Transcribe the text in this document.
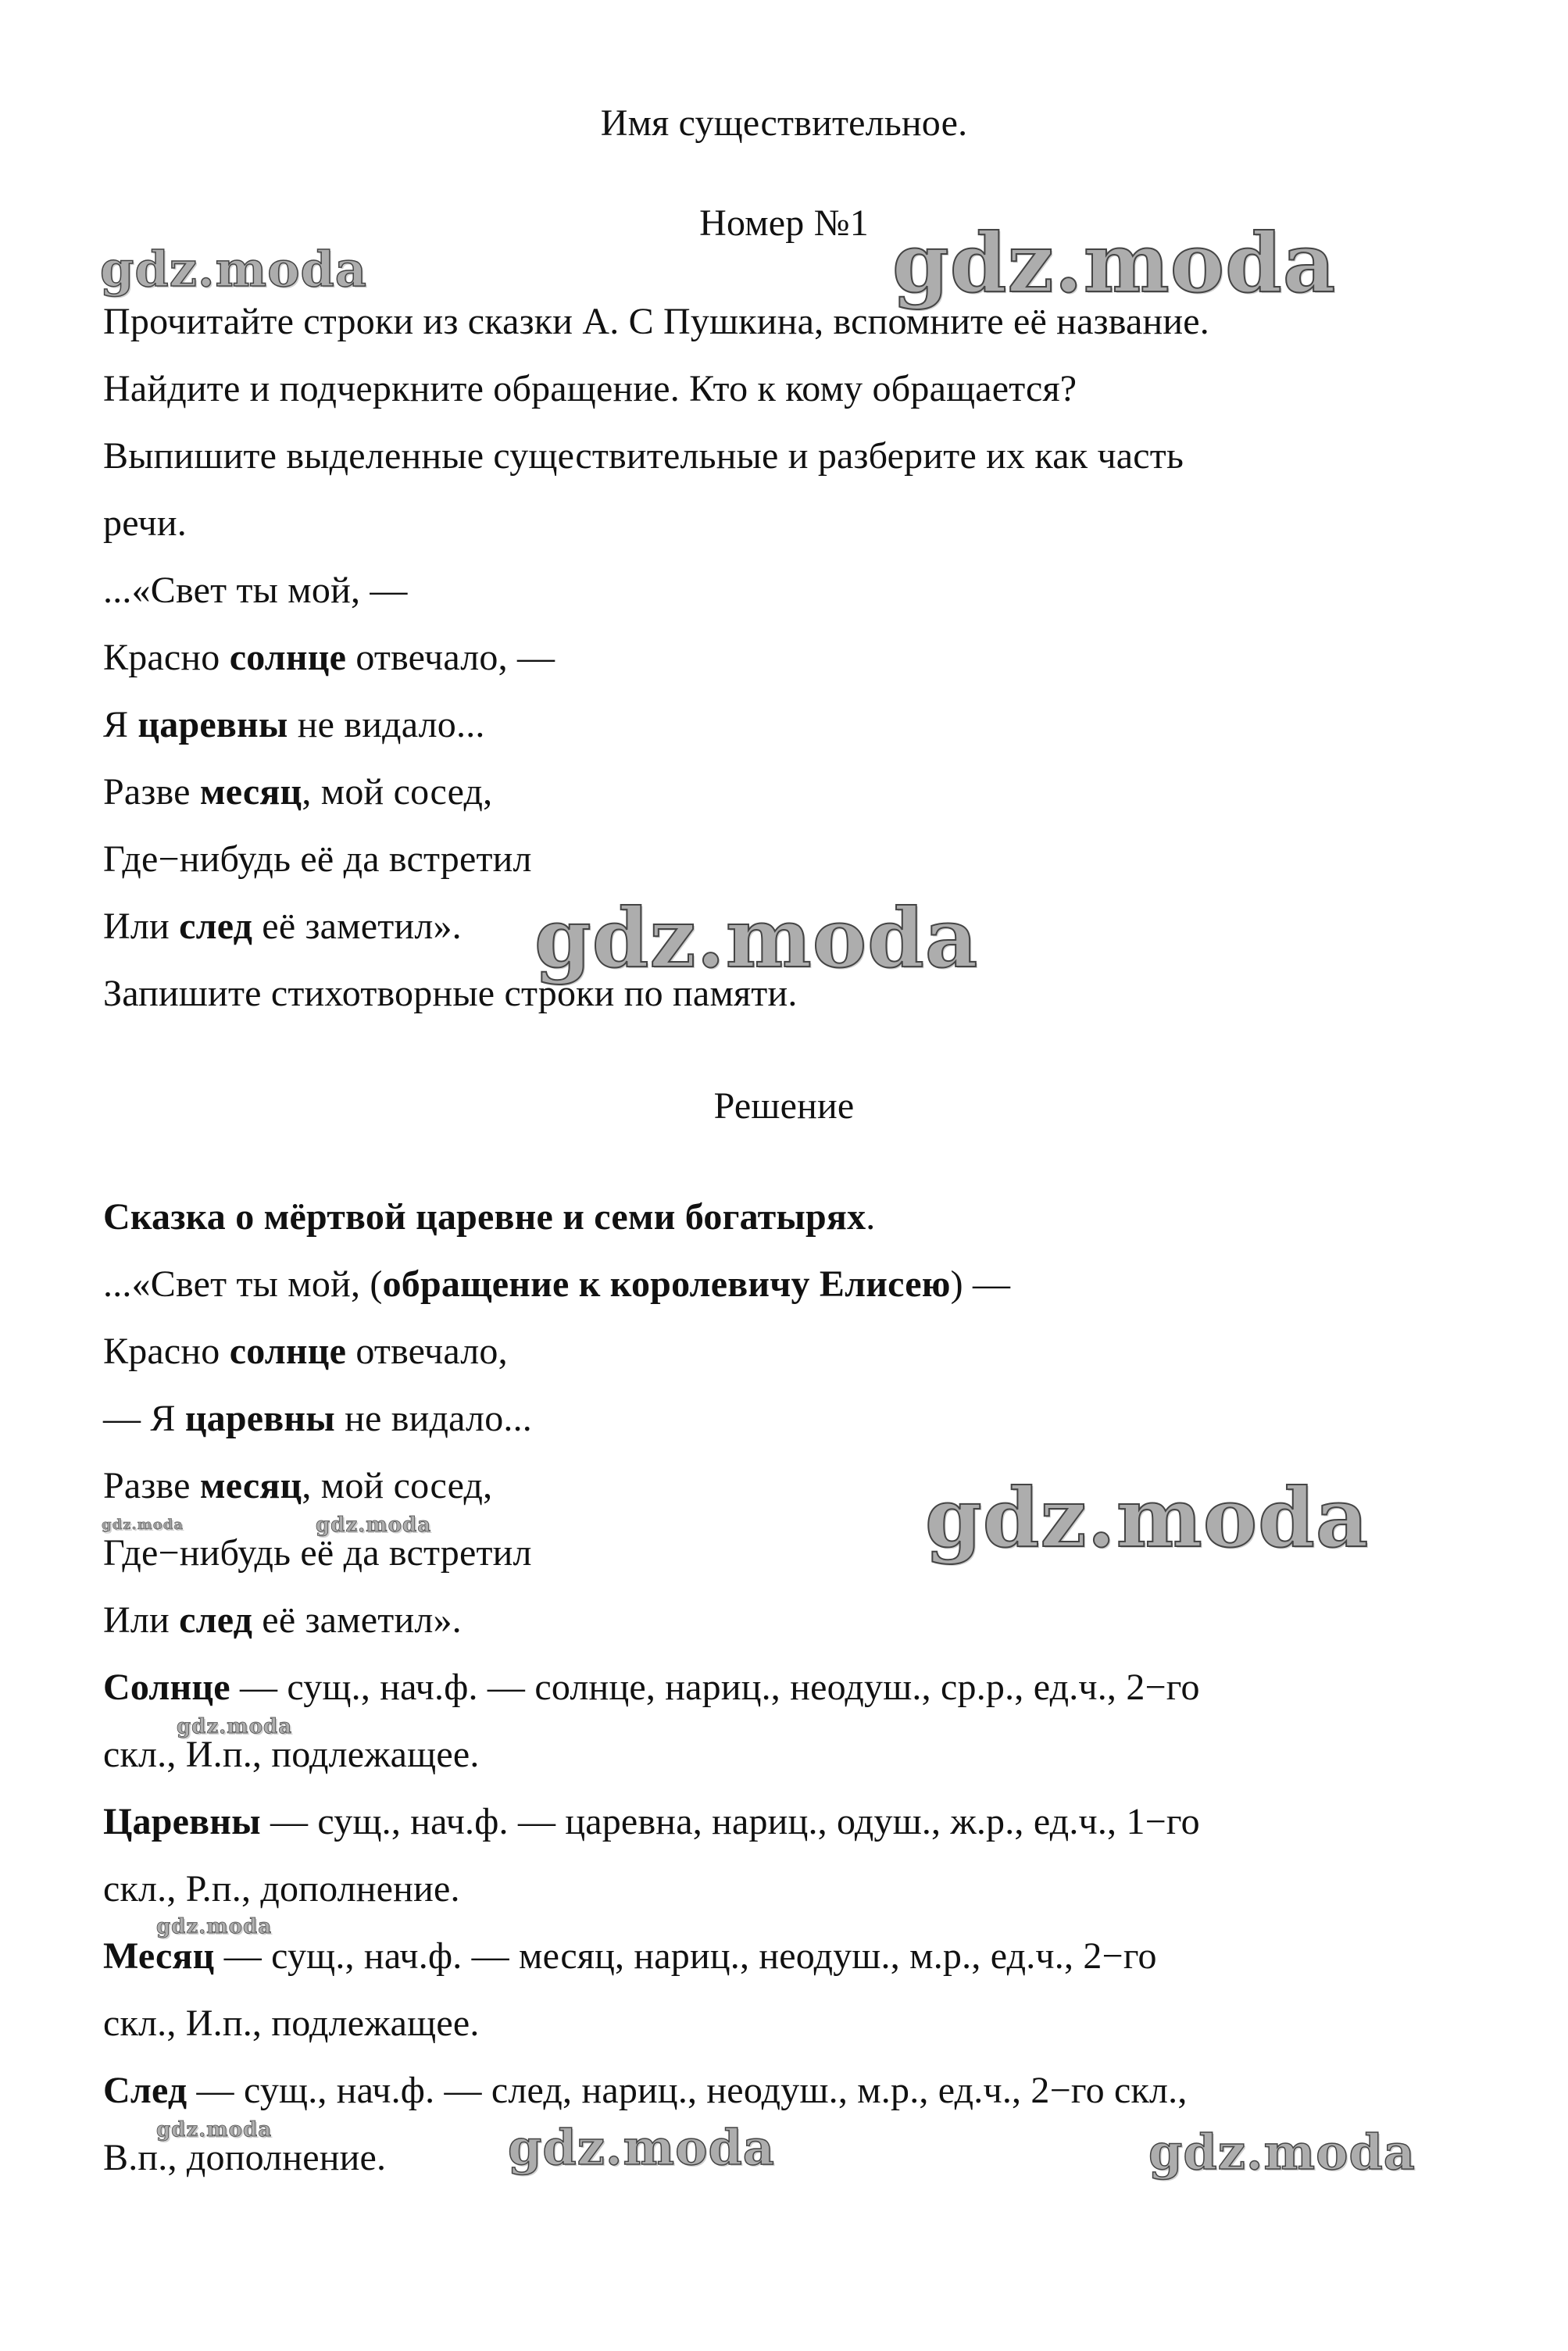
Имя существительное.
Номер №1
Прочитайте строки из сказки А. С Пушкина, вспомните её название.
Найдите и подчеркните обращение. Кто к кому обращается?
Выпишите выделенные существительные и разберите их как часть
речи.
...«Свет ты мой, —
Красно солнце отвечало, —
Я царевны не видало...
Разве месяц, мой сосед,
Где−нибудь её да встретил
Или след её заметил».
Запишите стихотворные строки по памяти.
Решение
Сказка о мёртвой царевне и семи богатырях.
...«Свет ты мой, (обращение к королевичу Елисею) —
Красно солнце отвечало,
— Я царевны не видало...
Разве месяц, мой сосед,
Где−нибудь её да встретил
Или след её заметил».
Солнце — сущ., нач.ф. — солнце, нариц., неодуш., ср.р., ед.ч., 2−го
скл., И.п., подлежащее.
Царевны — сущ., нач.ф. — царевна, нариц., одуш., ж.р., ед.ч., 1−го
скл., Р.п., дополнение.
Месяц — сущ., нач.ф. — месяц, нариц., неодуш., м.р., ед.ч., 2−го
скл., И.п., подлежащее.
След — сущ., нач.ф. — след, нариц., неодуш., м.р., ед.ч., 2−го скл.,
В.п., дополнение.
gdz.moda	gdz.moda
gdz.moda
gdz.moda
gdz.moda	gdz.moda
gdz.moda
gdz.moda
gdz.moda	gdz.moda	gdz.moda
